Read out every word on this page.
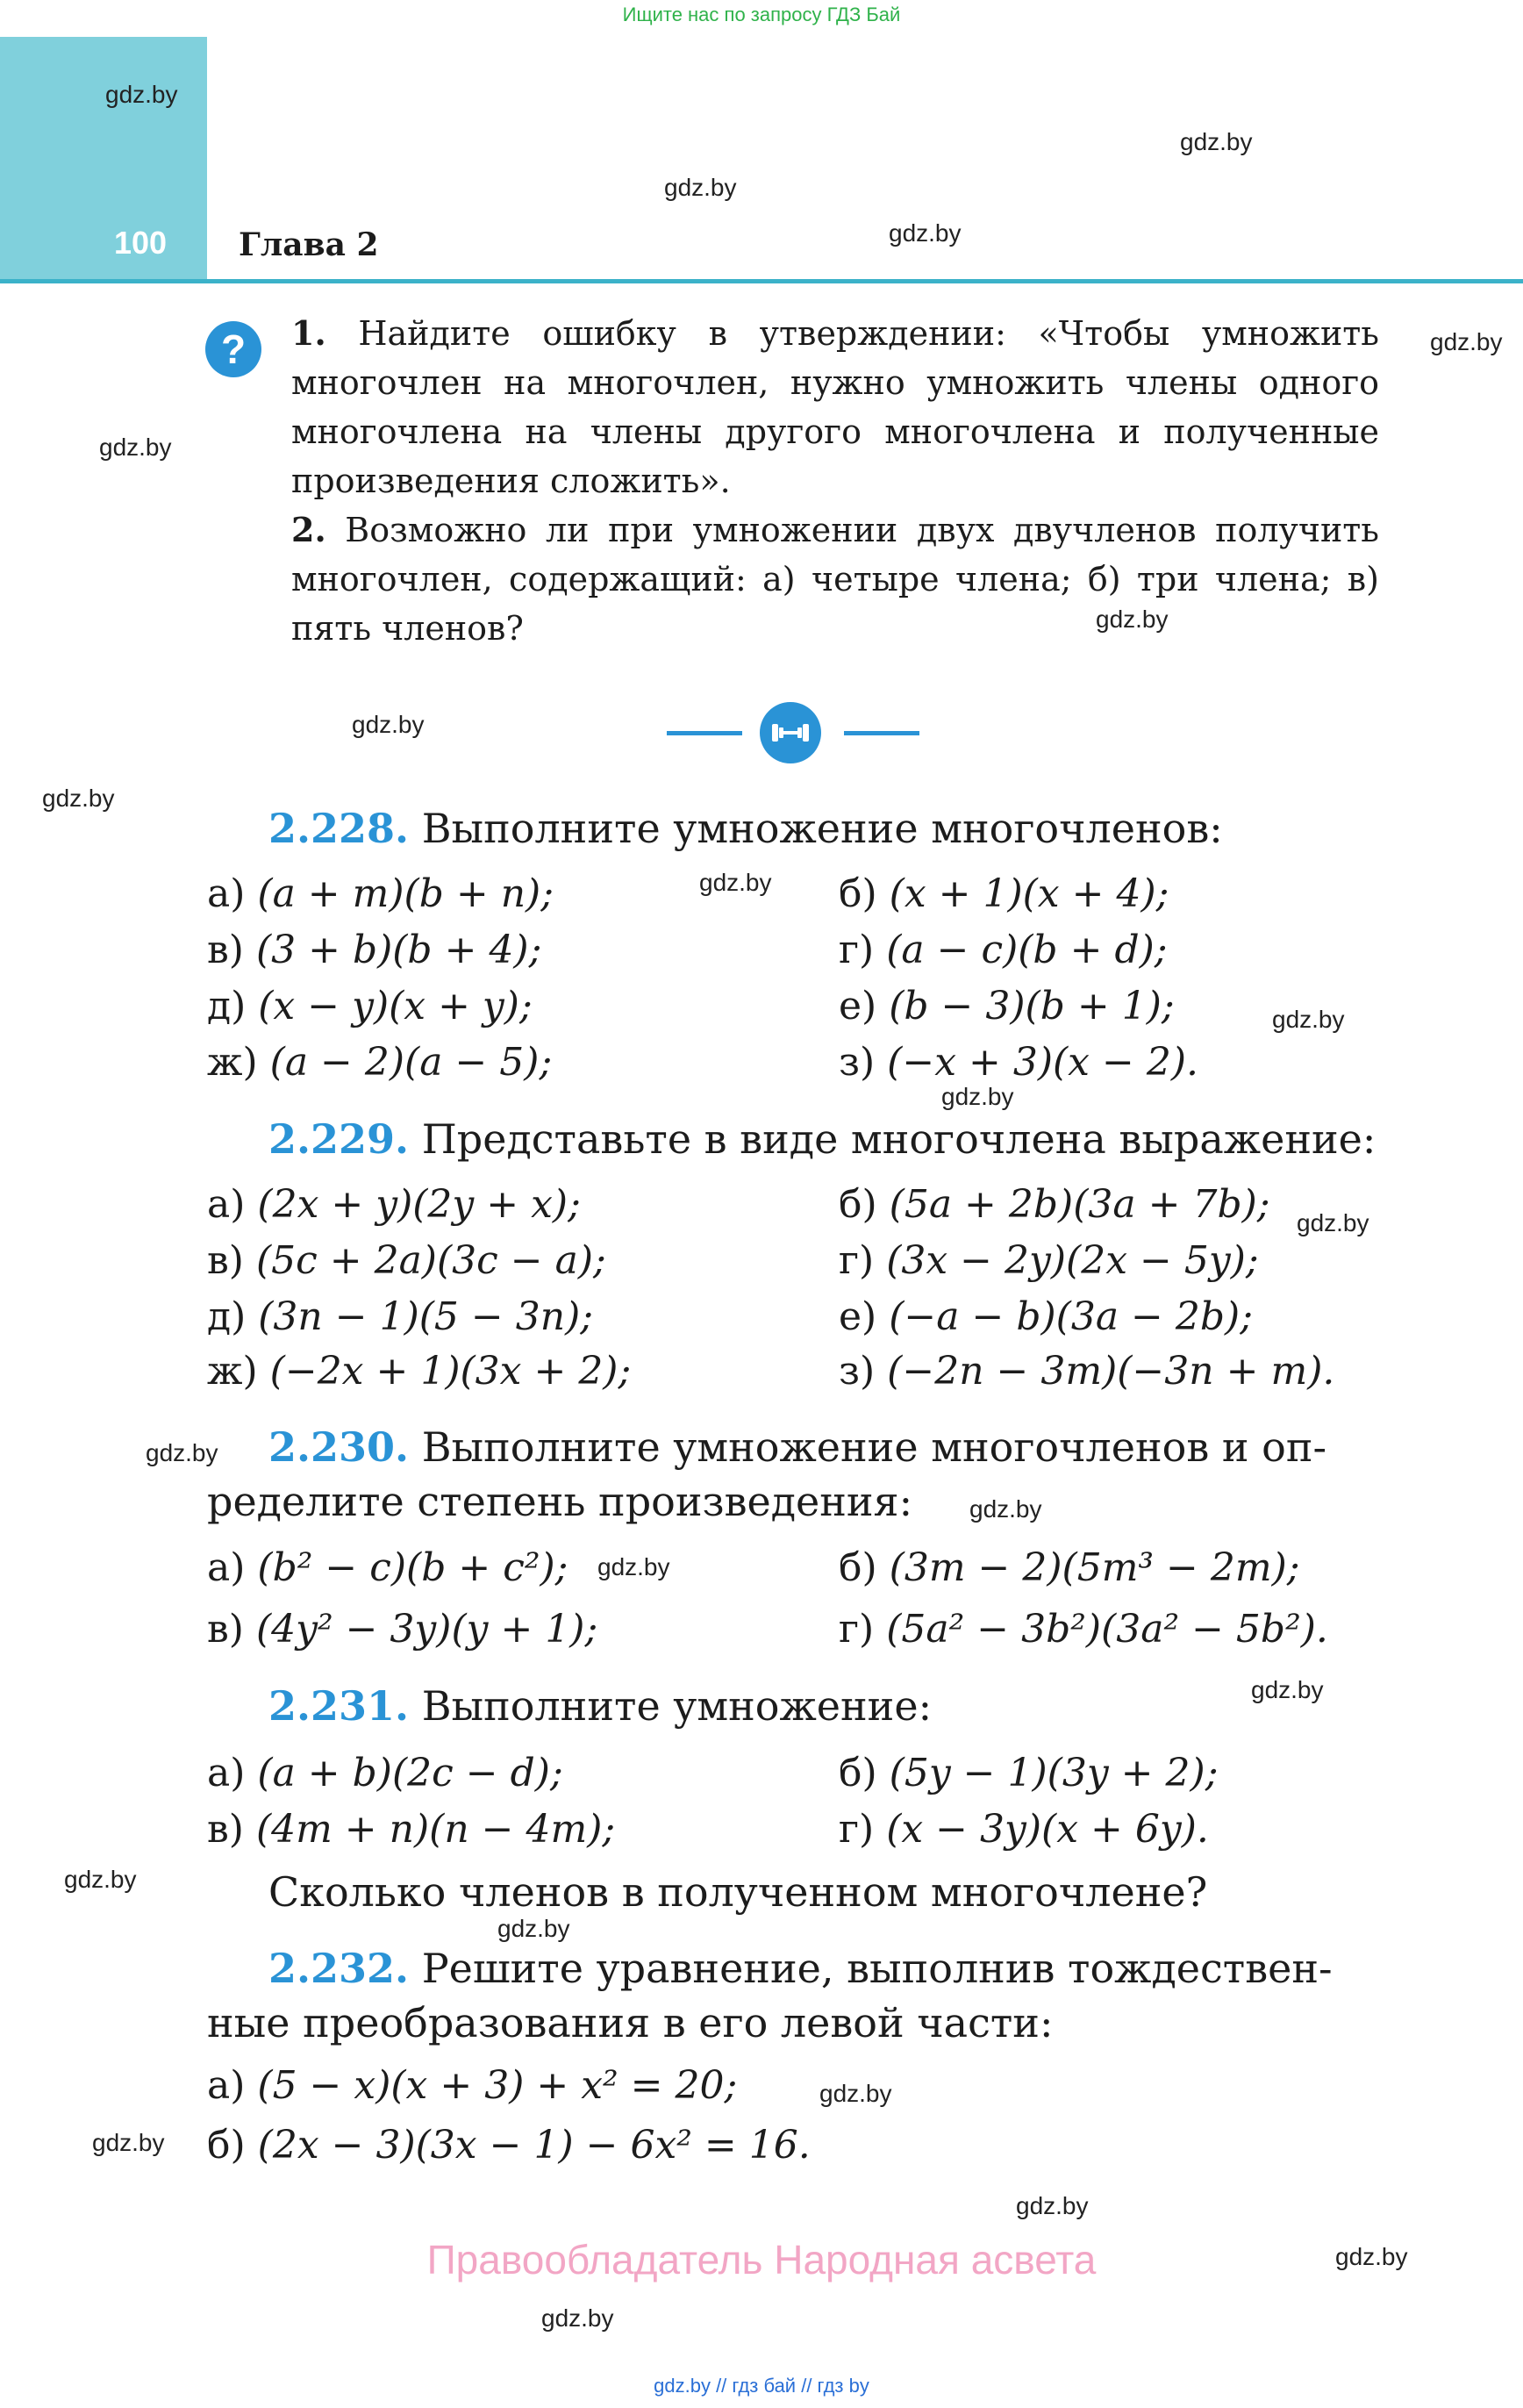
Ищите нас по запросу ГДЗ Бай
100	Глава 2
gdz.by
gdz.by
gdz.by
gdz.by
gdz.by
gdz.by
gdz.by
gdz.by
gdz.by
gdz.by
gdz.by
gdz.by
gdz.by
gdz.by
gdz.by
gdz.by
gdz.by
gdz.by
gdz.by
gdz.by
gdz.by
gdz.by
gdz.by
gdz.by
?	1. Найдите ошибку в утверждении: «Чтобы умножить многочлен на многочлен, нужно умножить члены одного многочлена на члены другого многочлена и полученные произведения сложить».
2. Возможно ли при умножении двух двучленов получить многочлен, содержащий: а) четыре члена; б) три члена; в) пять членов?
2.228. Выполните умножение многочленов:
а) (a + m)(b + n);	б) (x + 1)(x + 4);
в) (3 + b)(b + 4);	г) (a − c)(b + d);
д) (x − y)(x + y);	е) (b − 3)(b + 1);
ж) (a − 2)(a − 5);	з) (−x + 3)(x − 2).
2.229. Представьте в виде многочлена выражение:
а) (2x + y)(2y + x);	б) (5a + 2b)(3a + 7b);
в) (5c + 2a)(3c − a);	г) (3x − 2y)(2x − 5y);
д) (3n − 1)(5 − 3n);	е) (−a − b)(3a − 2b);
ж) (−2x + 1)(3x + 2);	з) (−2n − 3m)(−3n + m).
2.230. Выполните умножение многочленов и оп-
ределите степень произведения:
а) (b² − c)(b + c²);	б) (3m − 2)(5m³ − 2m);
в) (4y² − 3y)(y + 1);	г) (5a² − 3b²)(3a² − 5b²).
2.231. Выполните умножение:
а) (a + b)(2c − d);	б) (5y − 1)(3y + 2);
в) (4m + n)(n − 4m);	г) (x − 3y)(x + 6y).
Сколько членов в полученном многочлене?
2.232. Решите уравнение, выполнив тождествен-
ные преобразования в его левой части:
а) (5 − x)(x + 3) + x² = 20;
б) (2x − 3)(3x − 1) − 6x² = 16.
Правообладатель Народная асвета
gdz.by // гдз бай // гдз by
